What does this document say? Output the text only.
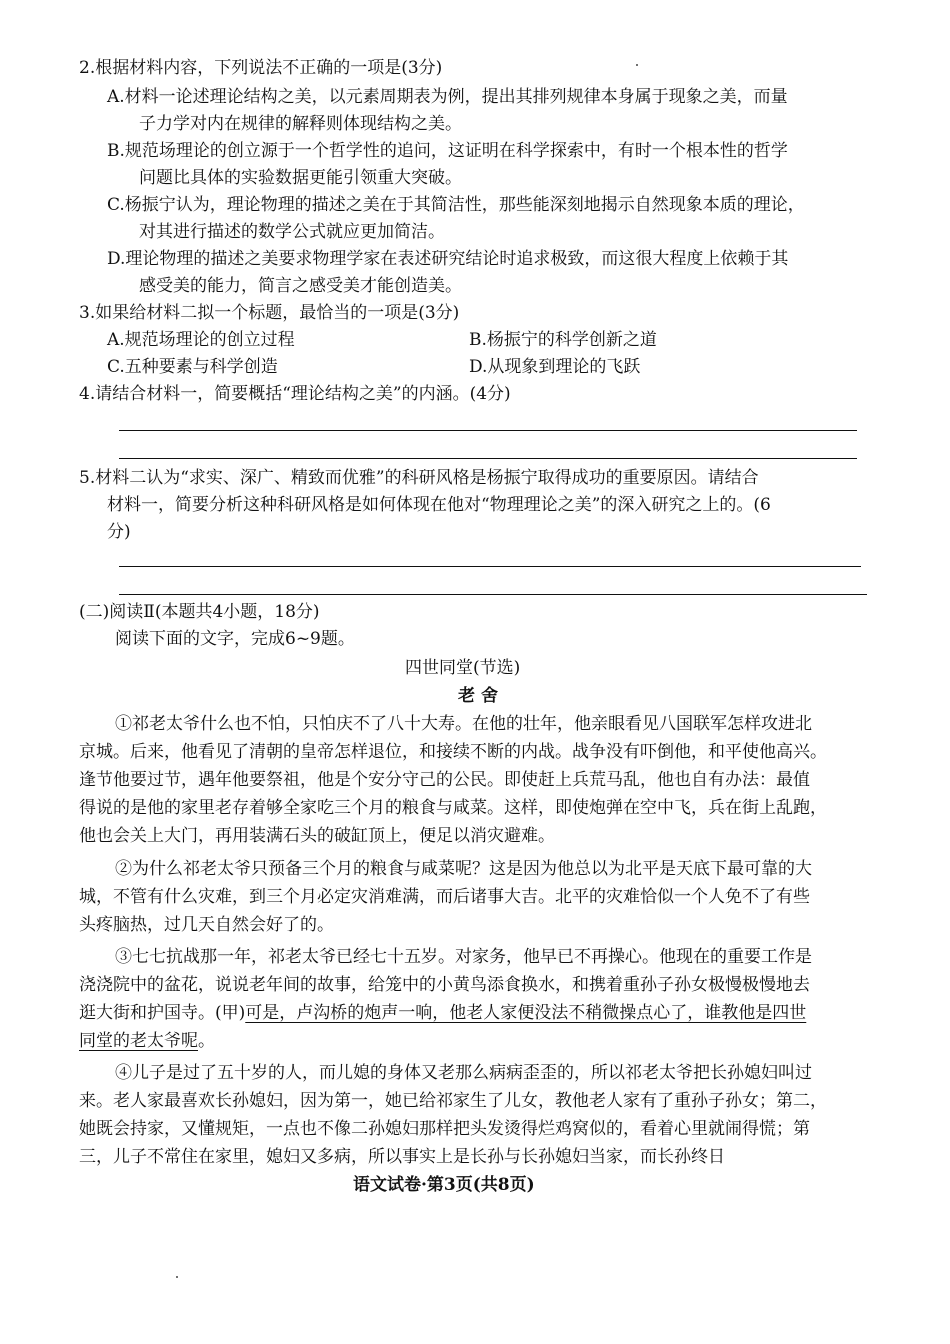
2.根据材料内容，下列说法不正确的一项是(3分)
A.材料一论述理论结构之美，以元素周期表为例，提出其排列规律本身属于现象之美，而量
子力学对内在规律的解释则体现结构之美。
B.规范场理论的创立源于一个哲学性的追问，这证明在科学探索中，有时一个根本性的哲学
问题比具体的实验数据更能引领重大突破。
C.杨振宁认为，理论物理的描述之美在于其简洁性，那些能深刻地揭示自然现象本质的理论，
对其进行描述的数学公式就应更加简洁。
D.理论物理的描述之美要求物理学家在表述研究结论时追求极致，而这很大程度上依赖于其
感受美的能力，简言之感受美才能创造美。
3.如果给材料二拟一个标题，最恰当的一项是(3分)
A.规范场理论的创立过程	B.杨振宁的科学创新之道
C.五种要素与科学创造	D.从现象到理论的飞跃
4.请结合材料一，简要概括“理论结构之美”的内涵。(4分)
5.材料二认为“求实、深广、精致而优雅”的科研风格是杨振宁取得成功的重要原因。请结合
材料一，简要分析这种科研风格是如何体现在他对“物理理论之美”的深入研究之上的。(6
分)
(二)阅读Ⅱ(本题共4小题，18分)
阅读下面的文字，完成6~9题。
四世同堂(节选)
老舍
①祁老太爷什么也不怕，只怕庆不了八十大寿。在他的壮年，他亲眼看见八国联军怎样攻进北
京城。后来，他看见了清朝的皇帝怎样退位，和接续不断的内战。战争没有吓倒他，和平使他高兴。
逢节他要过节，遇年他要祭祖，他是个安分守己的公民。即使赶上兵荒马乱，他也自有办法：最值
得说的是他的家里老存着够全家吃三个月的粮食与咸菜。这样，即使炮弹在空中飞，兵在街上乱跑，
他也会关上大门，再用装满石头的破缸顶上，便足以消灾避难。
②为什么祁老太爷只预备三个月的粮食与咸菜呢？这是因为他总以为北平是天底下最可靠的大
城，不管有什么灾难，到三个月必定灾消难满，而后诸事大吉。北平的灾难恰似一个人免不了有些
头疼脑热，过几天自然会好了的。
③七七抗战那一年，祁老太爷已经七十五岁。对家务，他早已不再操心。他现在的重要工作是
浇浇院中的盆花，说说老年间的故事，给笼中的小黄鸟添食换水，和携着重孙子孙女极慢极慢地去
逛大街和护国寺。(甲)可是，卢沟桥的炮声一响，他老人家便没法不稍微操点心了，谁教他是四世
同堂的老太爷呢。
④儿子是过了五十岁的人，而儿媳的身体又老那么病病歪歪的，所以祁老太爷把长孙媳妇叫过
来。老人家最喜欢长孙媳妇，因为第一，她已给祁家生了儿女，教他老人家有了重孙子孙女；第二，
她既会持家，又懂规矩，一点也不像二孙媳妇那样把头发烫得烂鸡窝似的，看着心里就闹得慌；第
三，儿子不常住在家里，媳妇又多病，所以事实上是长孙与长孙媳妇当家，而长孙终日
语文试卷·第3页(共8页)
